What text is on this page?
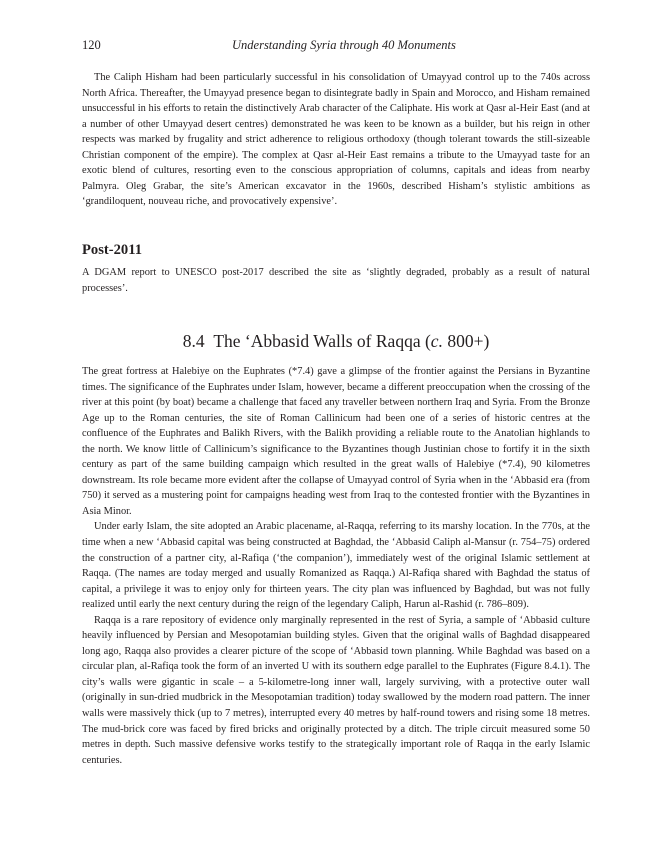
120	Understanding Syria through 40 Monuments

The Caliph Hisham had been particularly successful in his consolidation of Umayyad control up to the 740s across North Africa. Thereafter, the Umayyad presence began to disintegrate badly in Spain and Morocco, and Hisham remained unsuccessful in his efforts to retain the distinctively Arab character of the Caliphate. His work at Qasr al-Heir East (and at a number of other Umayyad desert centres) demonstrated he was keen to be known as a builder, but his reign in other respects was marked by frugality and strict adherence to religious orthodoxy (though tolerant towards the still-sizeable Christian component of the empire). The complex at Qasr al-Heir East remains a tribute to the Umayyad taste for an exotic blend of cultures, resorting even to the conscious appropriation of columns, capitals and ideas from nearby Palmyra. Oleg Grabar, the site’s American excavator in the 1960s, described Hisham’s stylistic ambitions as ‘grandiloquent, nouveau riche, and provocatively expensive’.

Post-2011

A DGAM report to UNESCO post-2017 described the site as ‘slightly degraded, probably as a result of natural processes’.

8.4 The ‘Abbasid Walls of Raqqa (c. 800+)

The great fortress at Halebiye on the Euphrates (*7.4) gave a glimpse of the frontier against the Persians in Byzantine times. The significance of the Euphrates under Islam, however, became a different preoccupation when the crossing of the river at this point (by boat) became a challenge that faced any traveller between northern Iraq and Syria. From the Bronze Age up to the Roman centuries, the site of Roman Callinicum had been one of a series of historic centres at the confluence of the Euphrates and Balikh Rivers, with the Balikh providing a reliable route to the Anatolian highlands to the north. We know little of Callinicum’s significance to the Byzantines though Justinian chose to fortify it in the sixth century as part of the same building campaign which resulted in the great walls of Halebiye (*7.4), 90 kilometres downstream. Its role became more evident after the collapse of Umayyad control of Syria when in the ‘Abbasid era (from 750) it served as a mustering point for campaigns heading west from Iraq to the contested frontier with the Byzantines in Asia Minor.

Under early Islam, the site adopted an Arabic placename, al-Raqqa, referring to its marshy location. In the 770s, at the time when a new ‘Abbasid capital was being constructed at Baghdad, the ‘Abbasid Caliph al-Mansur (r. 754–75) ordered the construction of a partner city, al-Rafiqa (‘the companion’), immediately west of the original Islamic settlement at Raqqa. (The names are today merged and usually Romanized as Raqqa.) Al-Rafiqa shared with Baghdad the status of capital, a privilege it was to enjoy only for thirteen years. The city plan was influenced by Baghdad, but was not fully realized until early the next century during the reign of the legendary Caliph, Harun al-Rashid (r. 786–809).

Raqqa is a rare repository of evidence only marginally represented in the rest of Syria, a sample of ‘Abbasid culture heavily influenced by Persian and Mesopotamian building styles. Given that the original walls of Baghdad disappeared long ago, Raqqa also provides a clearer picture of the scope of ‘Abbasid town planning. While Baghdad was based on a circular plan, al-Rafiqa took the form of an inverted U with its southern edge parallel to the Euphrates (Figure 8.4.1). The city’s walls were gigantic in scale – a 5-kilometre-long inner wall, largely surviving, with a protective outer wall (originally in sun-dried mudbrick in the Mesopotamian tradition) today swallowed by the modern road pattern. The inner walls were massively thick (up to 7 metres), interrupted every 40 metres by half-round towers and rising some 18 metres. The mud-brick core was faced by fired bricks and originally protected by a ditch. The triple circuit measured some 50 metres in depth. Such massive defensive works testify to the strategically important role of Raqqa in the early Islamic centuries.
